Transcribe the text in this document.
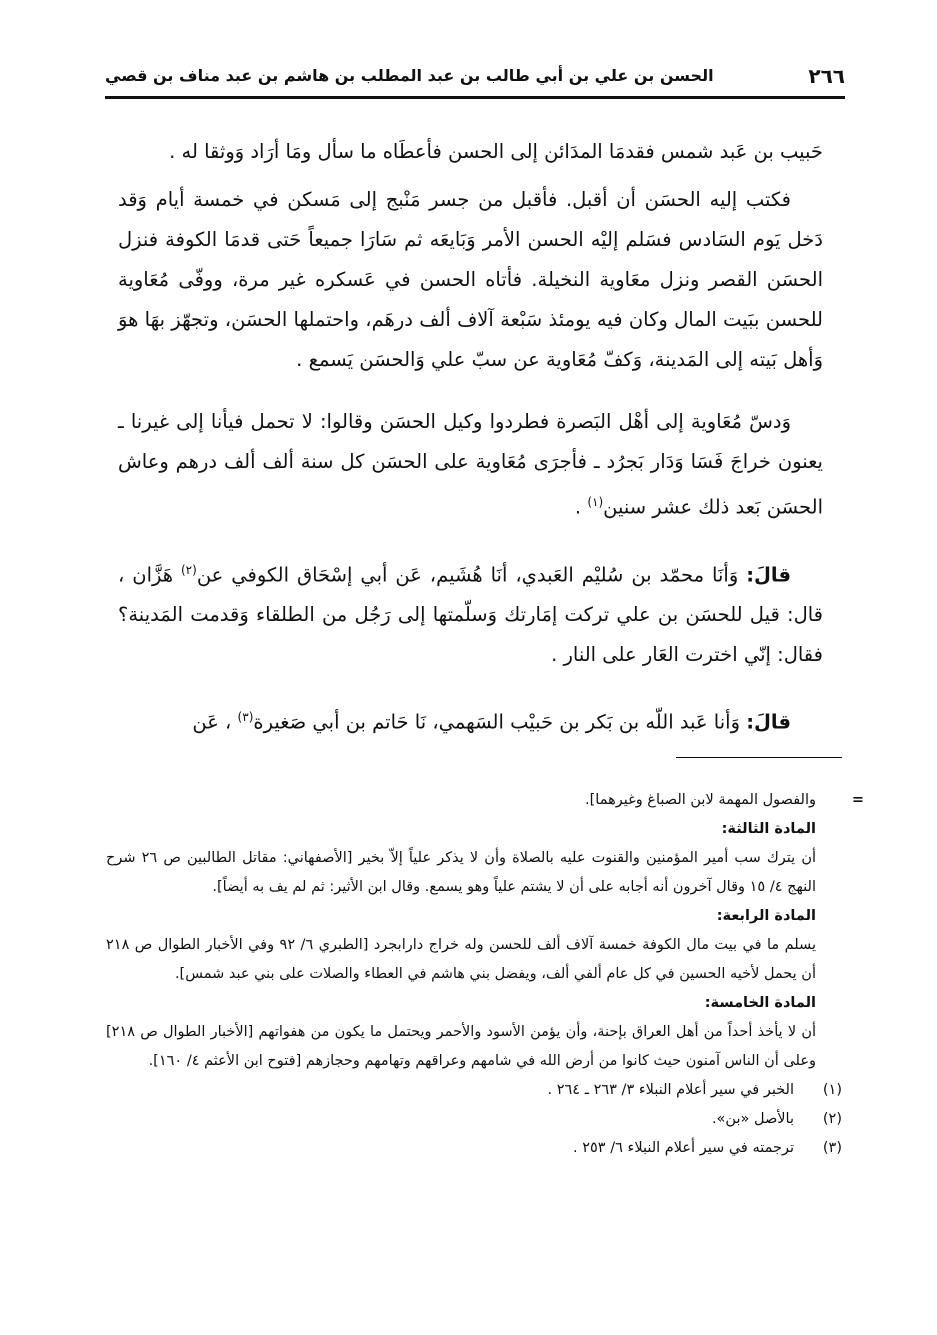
٢٦٦
الحسن بن علي بن أبي طالب بن عبد المطلب بن هاشم بن عبد مناف بن قصي

حَبيب بن عَبد شمس فقدمَا المدَائن إلى الحسن فأعطَاه ما سأل ومَا أرَاد وَوثقا له .

فكتب إليه الحسَن أن أقبل. فأقبل من جسر مَنْبج إلى مَسكن في خمسة أيام وَقد دَخل يَوم السَادس فسَلم إليْه الحسن الأمر وَبَايعَه ثم سَارَا جميعاً حَتى قدمَا الكوفة فنزل الحسَن القصر ونزل معَاوية النخيلة. فأتاه الحسن في عَسكره غير مرة، ووفّى مُعَاوية للحسن ببَيت المال وكان فيه يومئذ سَبْعة آلاف ألف درهَم، واحتملها الحسَن، وتجهّز بهَا هوَ وَأهل بَيته إلى المَدينة، وَكفّ مُعَاوية عن سبّ علي وَالحسَن يَسمع .

وَدسّ مُعَاوية إلى أهْل البَصرة فطردوا وكيل الحسَن وقالوا: لا تحمل فيأنا إلى غيرنا ـ يعنون خراجَ فَسَا وَدَار بَجرُد ـ فأجرَى مُعَاوية على الحسَن كل سنة ألف ألف درهم وعاش الحسَن بَعد ذلك عشر سنين$^{(١)}$ .

قالَ: وَأنَا محمّد بن سُليْم العَبدي، أنَا هُشَيم، عَن أبي إسْحَاق الكوفي عن$^{(٢)}$ هَزَّان ، قال: قيل للحسَن بن علي تركت إمَارتك وَسلّمتها إلى رَجُل من الطلقاء وَقدمت المَدينة؟ فقال: إنّي اخترت العَار على النار .

قالَ: وَأنا عَبد اللّه بن بَكر بن حَبيْب السَهمي، نَا حَاتم بن أبي صَغيرة$^{(٣)}$ ، عَن

=
والفصول المهمة لابن الصباغ وغيرهما].
المادة الثالثة:
أن يترك سب أمير المؤمنين والقنوت عليه بالصلاة وأن لا يذكر علياً إلاّ بخير [الأصفهاني: مقاتل الطالبين ص ٢٦ شرح النهج ٤/ ١٥ وقال آخرون أنه أجابه على أن لا يشتم علياً وهو يسمع. وقال ابن الأثير: ثم لم يف به أيضاً].
المادة الرابعة:
يسلم ما في بيت مال الكوفة خمسة آلاف ألف للحسن وله خراج دارابجرد [الطبري ٦/ ٩٢ وفي الأخبار الطوال ص ٢١٨ أن يحمل لأخيه الحسين في كل عام ألفي ألف، ويفضل بني هاشم في العطاء والصلات على بني عبد شمس].
المادة الخامسة:
أن لا يأخذ أحداً من أهل العراق بإحنة، وأن يؤمن الأسود والأحمر ويحتمل ما يكون من هفواتهم [الأخبار الطوال ص ٢١٨] وعلى أن الناس آمنون حيث كانوا من أرض الله في شامهم وعراقهم وتهامهم وحجازهم [فتوح ابن الأعثم ٤/ ١٦٠].
(١)
الخبر في سير أعلام النبلاء ٣/ ٢٦٣ ـ ٢٦٤ .
(٢)
بالأصل «بن».
(٣)
ترجمته في سير أعلام النبلاء ٦/ ٢٥٣ .
